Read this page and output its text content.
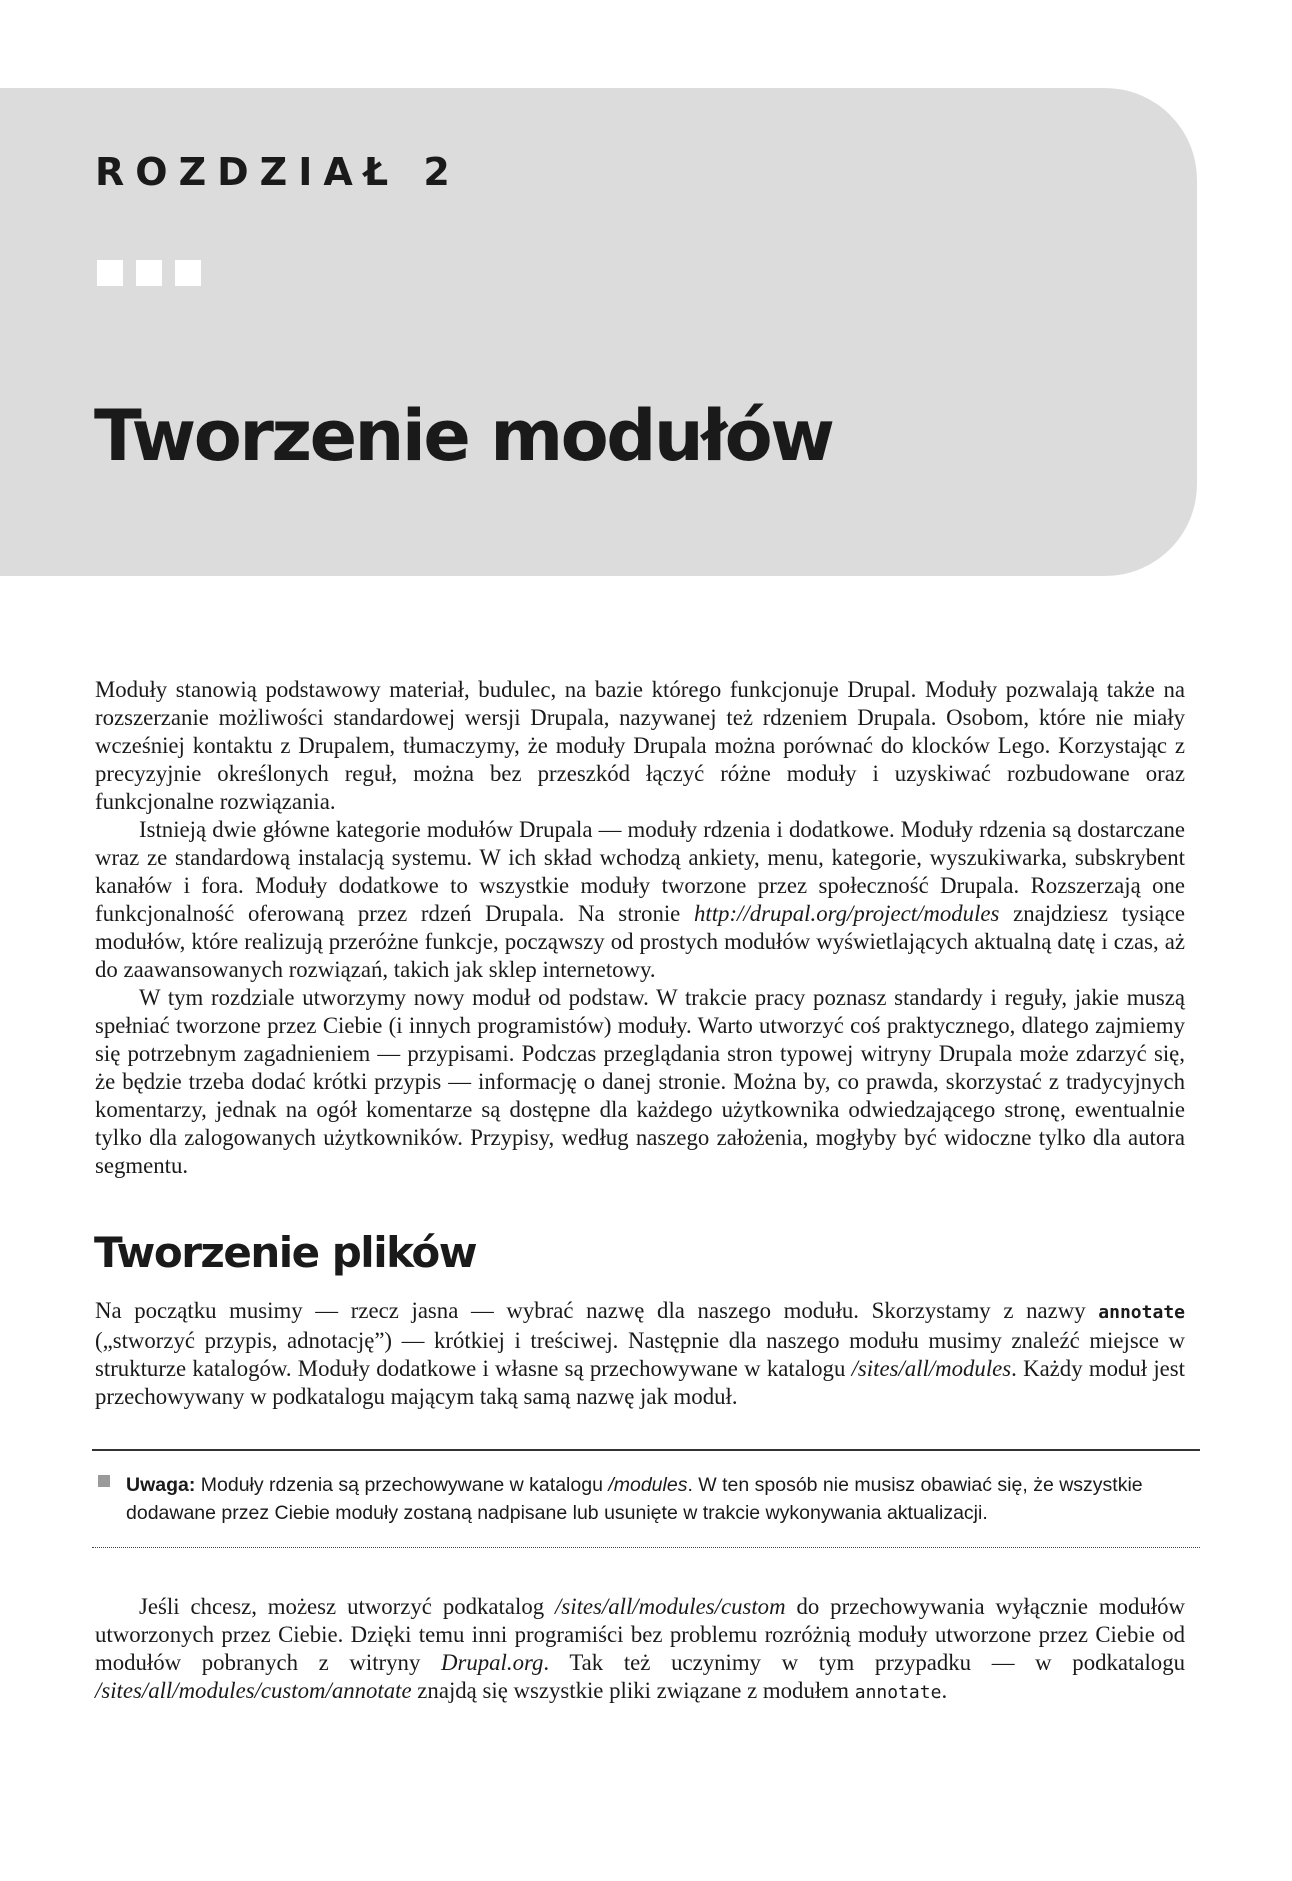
ROZDZIAŁ 2
Tworzenie modułów

Moduły stanowią podstawowy materiał, budulec, na bazie którego funkcjonuje Drupal. Moduły pozwalają także na rozszerzanie możliwości standardowej wersji Drupala, nazywanej też rdzeniem Drupala. Osobom, które nie miały wcześniej kontaktu z Drupalem, tłumaczymy, że moduły Drupala można porównać do klocków Lego. Korzystając z precyzyjnie określonych reguł, można bez przeszkód łączyć różne moduły i uzyskiwać rozbudowane oraz funkcjonalne rozwiązania.

Istnieją dwie główne kategorie modułów Drupala — moduły rdzenia i dodatkowe. Moduły rdzenia są dostarczane wraz ze standardową instalacją systemu. W ich skład wchodzą ankiety, menu, kategorie, wyszukiwarka, subskrybent kanałów i fora. Moduły dodatkowe to wszystkie moduły tworzone przez społeczność Drupala. Rozszerzają one funkcjonalność oferowaną przez rdzeń Drupala. Na stronie http://drupal.org/project/modules znajdziesz tysiące modułów, które realizują przeróżne funkcje, począwszy od prostych modułów wyświetlających aktualną datę i czas, aż do zaawansowanych rozwiązań, takich jak sklep internetowy.

W tym rozdziale utworzymy nowy moduł od podstaw. W trakcie pracy poznasz standardy i reguły, jakie muszą spełniać tworzone przez Ciebie (i innych programistów) moduły. Warto utworzyć coś praktycznego, dlatego zajmiemy się potrzebnym zagadnieniem — przypisami. Podczas przeglądania stron typowej witryny Drupala może zdarzyć się, że będzie trzeba dodać krótki przypis — informację o danej stronie. Można by, co prawda, skorzystać z tradycyjnych komentarzy, jednak na ogół komentarze są dostępne dla każdego użytkownika odwiedzającego stronę, ewentualnie tylko dla zalogowanych użytkowników. Przypisy, według naszego założenia, mogłyby być widoczne tylko dla autora segmentu.

Tworzenie plików

Na początku musimy — rzecz jasna — wybrać nazwę dla naszego modułu. Skorzystamy z nazwy annotate („stworzyć przypis, adnotację”) — krótkiej i treściwej. Następnie dla naszego modułu musimy znaleźć miejsce w strukturze katalogów. Moduły dodatkowe i własne są przechowywane w katalogu /sites/all/modules. Każdy moduł jest przechowywany w podkatalogu mającym taką samą nazwę jak moduł.

Uwaga: Moduły rdzenia są przechowywane w katalogu /modules. W ten sposób nie musisz obawiać się, że wszystkie dodawane przez Ciebie moduły zostaną nadpisane lub usunięte w trakcie wykonywania aktualizacji.

Jeśli chcesz, możesz utworzyć podkatalog /sites/all/modules/custom do przechowywania wyłącznie modułów utworzonych przez Ciebie. Dzięki temu inni programiści bez problemu rozróżnią moduły utworzone przez Ciebie od modułów pobranych z witryny Drupal.org. Tak też uczynimy w tym przypadku — w podkatalogu /sites/all/modules/custom/annotate znajdą się wszystkie pliki związane z modułem annotate.
